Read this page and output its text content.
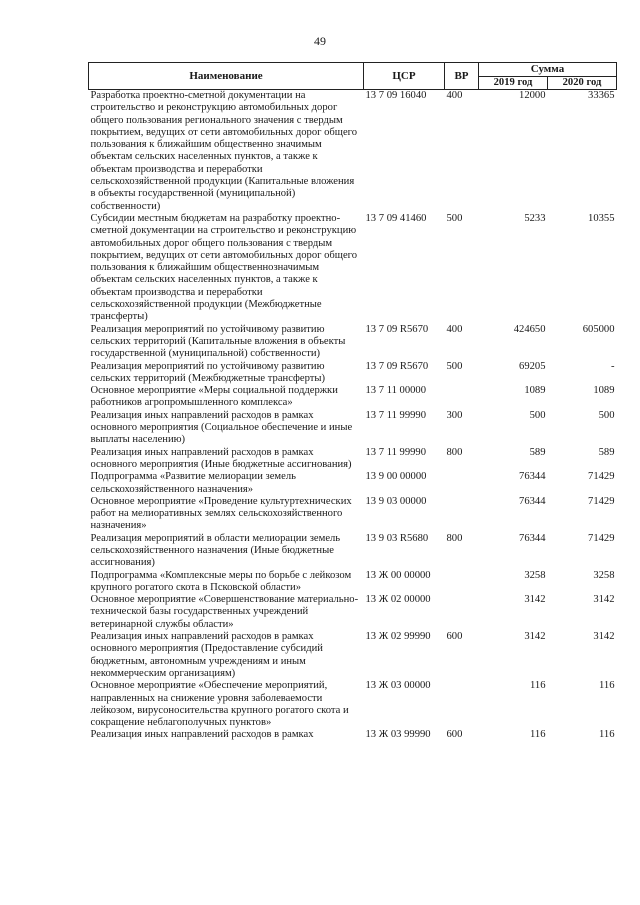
49
Наименование	ЦСР	ВР	Сумма	
			2019 год	2020 год
Разработка проектно-сметной документации на строительство и реконструкцию автомобильных дорог общего пользования регионального значения с твердым покрытием, ведущих от сети автомобильных дорог общего пользования к ближайшим общественно значимым объектам сельских населенных пунктов, а также к объектам производства и переработки сельскохозяйственной продукции (Капитальные вложения в объекты государственной (муниципальной) собственности)	13 7 09 16040	400	12000	33365
Субсидии местным бюджетам на разработку проектно-сметной документации на строительство и реконструкцию автомобильных дорог общего пользования с твердым покрытием, ведущих от сети автомобильных дорог общего пользования к ближайшим общественнозначимым объектам сельских населенных пунктов, а также к объектам производства и переработки сельскохозяйственной продукции (Межбюджетные трансферты)	13 7 09 41460	500	5233	10355
Реализация мероприятий по устойчивому развитию сельских территорий (Капитальные вложения в объекты государственной (муниципальной) собственности)	13 7 09 R5670	400	424650	605000
Реализация мероприятий по устойчивому развитию сельских территорий (Межбюджетные трансферты)	13 7 09 R5670	500	69205	-
Основное мероприятие «Меры социальной поддержки работников агропромышленного комплекса»	13 7 11 00000		1089	1089
Реализация иных направлений расходов в рамках основного мероприятия (Социальное обеспечение и иные выплаты населению)	13 7 11 99990	300	500	500
Реализация иных направлений расходов в рамках основного мероприятия (Иные бюджетные ассигнования)	13 7 11 99990	800	589	589
Подпрограмма «Развитие мелиорации земель сельскохозяйственного назначения»	13 9 00 00000		76344	71429
Основное мероприятие «Проведение культуртехнических работ на мелиоративных землях сельскохозяйственного назначения»	13 9 03 00000		76344	71429
Реализация мероприятий в области мелиорации земель сельскохозяйственного назначения (Иные бюджетные ассигнования)	13 9 03 R5680	800	76344	71429
Подпрограмма «Комплексные меры по борьбе с лейкозом крупного рогатого скота в Псковской области»	13 Ж 00 00000		3258	3258
Основное мероприятие «Совершенствование материально-технической базы государственных учреждений ветеринарной службы области»	13 Ж 02 00000		3142	3142
Реализация иных направлений расходов в рамках основного мероприятия (Предоставление субсидий бюджетным, автономным учреждениям и иным некоммерческим организациям)	13 Ж 02 99990	600	3142	3142
Основное мероприятие «Обеспечение мероприятий, направленных на снижение уровня заболеваемости лейкозом, вирусоносительства крупного рогатого скота и сокращение неблагополучных пунктов»	13 Ж 03 00000		116	116
Реализация иных направлений расходов в рамках	13 Ж 03 99990	600	116	116
